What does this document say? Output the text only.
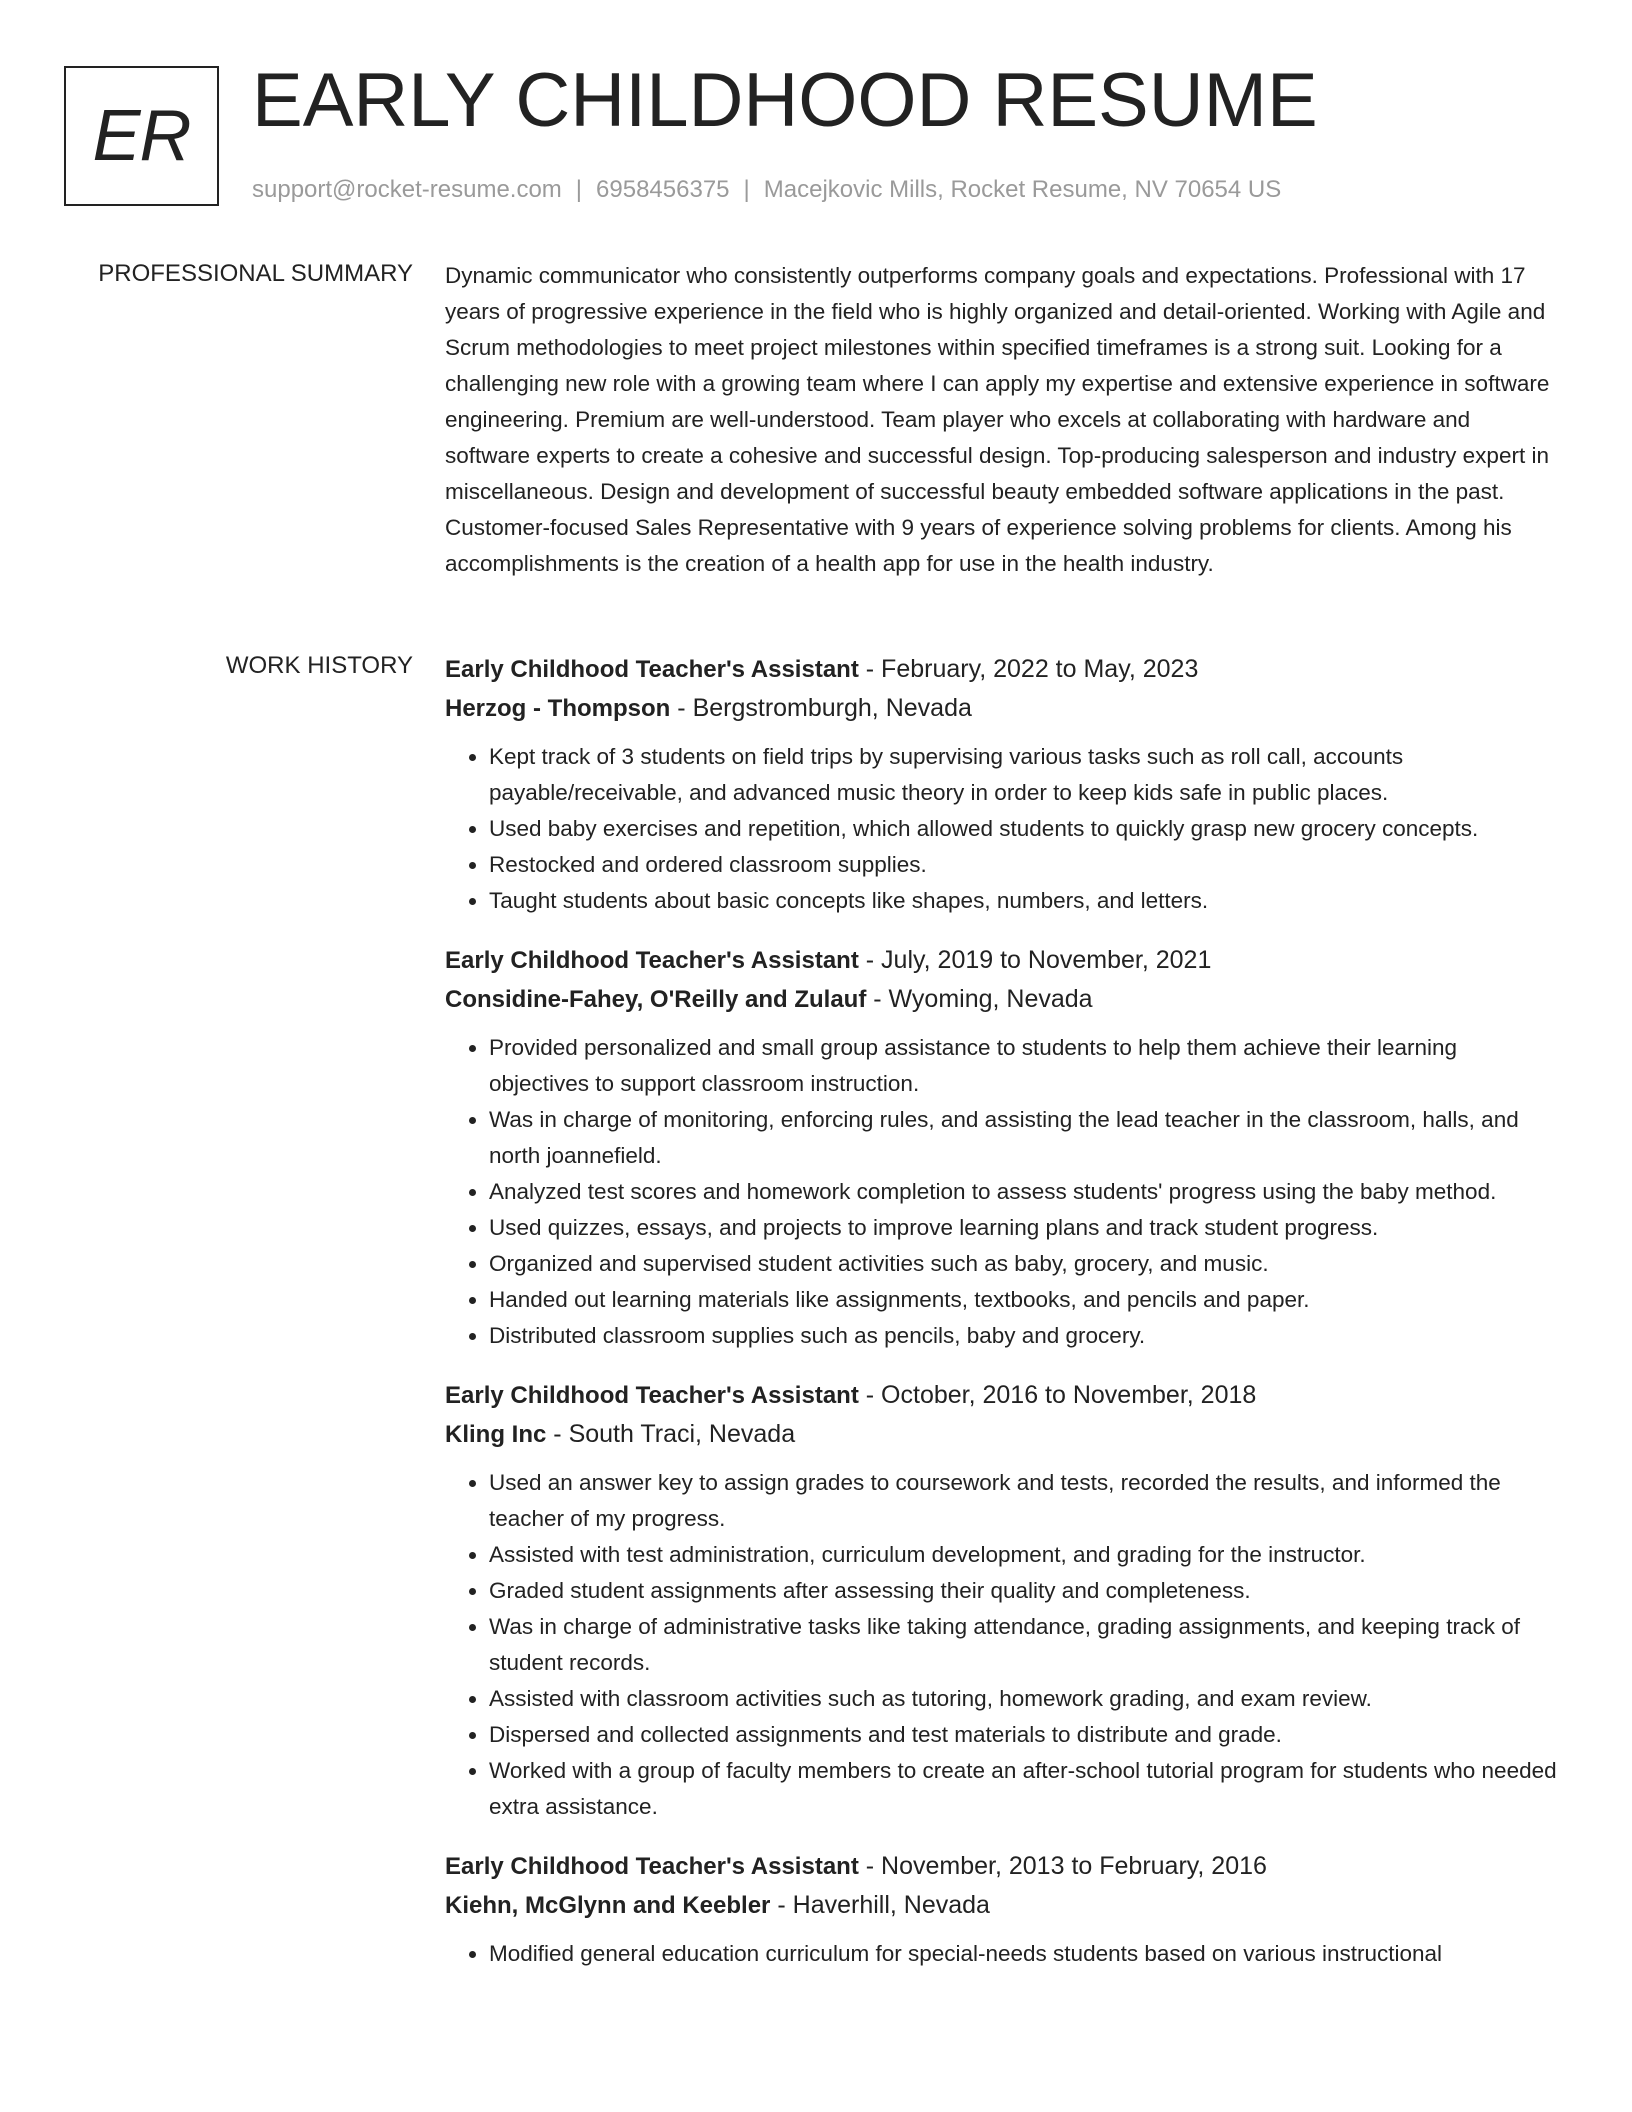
ER EARLY CHILDHOOD RESUME
support@rocket-resume.com | 6958456375 | Macejkovic Mills, Rocket Resume, NV 70654 US
PROFESSIONAL SUMMARY Dynamic communicator who consistently outperforms company goals and expectations. Professional with 17 years of progressive experience in the field who is highly organized and detail-oriented. Working with Agile and Scrum methodologies to meet project milestones within specified timeframes is a strong suit. Looking for a challenging new role with a growing team where I can apply my expertise and extensive experience in software engineering. Premium are well-understood. Team player who excels at collaborating with hardware and software experts to create a cohesive and successful design. Top-producing salesperson and industry expert in miscellaneous. Design and development of successful beauty embedded software applications in the past. Customer-focused Sales Representative with 9 years of experience solving problems for clients. Among his accomplishments is the creation of a health app for use in the health industry.

WORK HISTORY Early Childhood Teacher's Assistant - February, 2022 to May, 2023
Herzog - Thompson - Bergstromburgh, Nevada
• Kept track of 3 students on field trips by supervising various tasks such as roll call, accounts payable/receivable, and advanced music theory in order to keep kids safe in public places.
• Used baby exercises and repetition, which allowed students to quickly grasp new grocery concepts.
• Restocked and ordered classroom supplies.
• Taught students about basic concepts like shapes, numbers, and letters.
Early Childhood Teacher's Assistant - July, 2019 to November, 2021
Considine-Fahey, O'Reilly and Zulauf - Wyoming, Nevada
• Provided personalized and small group assistance to students to help them achieve their learning objectives to support classroom instruction.
• Was in charge of monitoring, enforcing rules, and assisting the lead teacher in the classroom, halls, and north joannefield.
• Analyzed test scores and homework completion to assess students' progress using the baby method.
• Used quizzes, essays, and projects to improve learning plans and track student progress.
• Organized and supervised student activities such as baby, grocery, and music.
• Handed out learning materials like assignments, textbooks, and pencils and paper.
• Distributed classroom supplies such as pencils, baby and grocery.
Early Childhood Teacher's Assistant - October, 2016 to November, 2018
Kling Inc - South Traci, Nevada
• Used an answer key to assign grades to coursework and tests, recorded the results, and informed the teacher of my progress.
• Assisted with test administration, curriculum development, and grading for the instructor.
• Graded student assignments after assessing their quality and completeness.
• Was in charge of administrative tasks like taking attendance, grading assignments, and keeping track of student records.
• Assisted with classroom activities such as tutoring, homework grading, and exam review.
• Dispersed and collected assignments and test materials to distribute and grade.
• Worked with a group of faculty members to create an after-school tutorial program for students who needed extra assistance.
Early Childhood Teacher's Assistant - November, 2013 to February, 2016
Kiehn, McGlynn and Keebler - Haverhill, Nevada
• Modified general education curriculum for special-needs students based on various instructional
